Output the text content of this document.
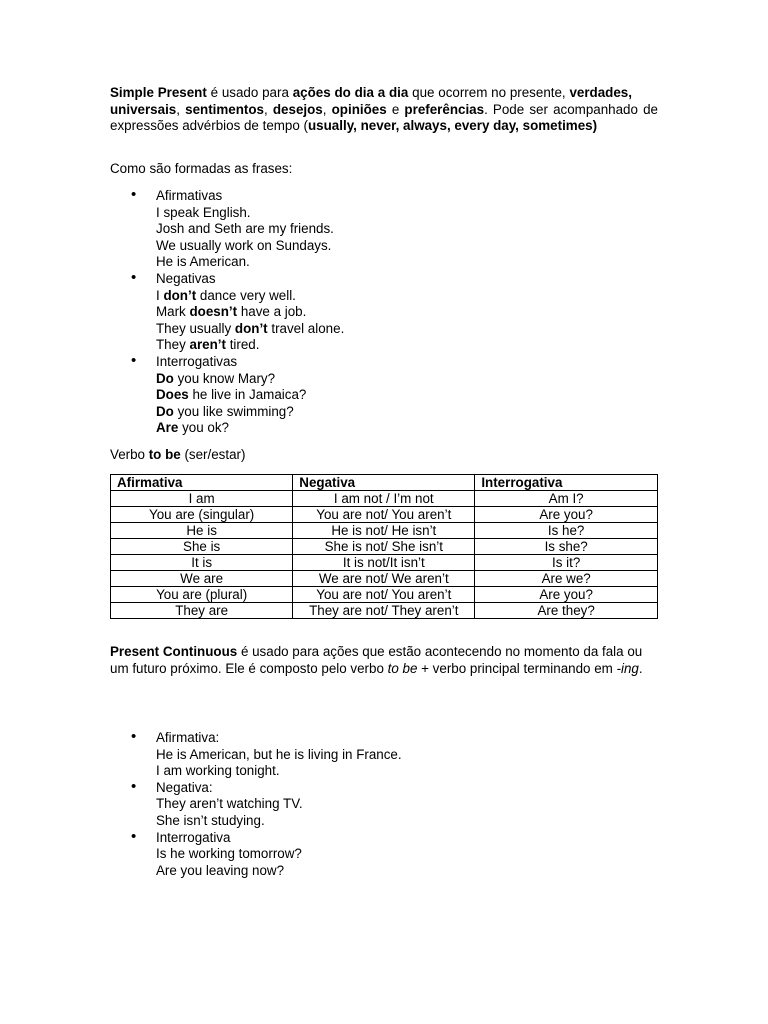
Simple Present é usado para ações do dia a dia que ocorrem no presente, verdades,universais, sentimentos, desejos, opiniões e preferências. Pode ser acompanhado de expressões advérbios de tempo (usually, never, always, every day, sometimes)

Como são formadas as frases:

• Afirmativas
I speak English.
Josh and Seth are my friends.
We usually work on Sundays.
He is American.
• Negativas
I don’t dance very well.
Mark doesn’t have a job.
They usually don’t travel alone.
They aren’t tired.
• Interrogativas
Do you know Mary?
Does he live in Jamaica?
Do you like swimming?
Are you ok?

Verbo to be (ser/estar)

Afirmativa	Negativa	Interrogativa
I am	I am not / I’m not	Am I?
You are (singular)	You are not/ You aren’t	Are you?
He is	He is not/ He isn’t	Is he?
She is	She is not/ She isn’t	Is she?
It is	It is not/It isn’t	Is it?
We are	We are not/ We aren’t	Are we?
You are (plural)	You are not/ You aren’t	Are you?
They are	They are not/ They aren’t	Are they?

Present Continuous é usado para ações que estão acontecendo no momento da fala ou um futuro próximo. Ele é composto pelo verbo to be + verbo principal terminando em -ing.

• Afirmativa:
He is American, but he is living in France.
I am working tonight.
• Negativa:
They aren’t watching TV.
She isn’t studying.
• Interrogativa
Is he working tomorrow?
Are you leaving now?
